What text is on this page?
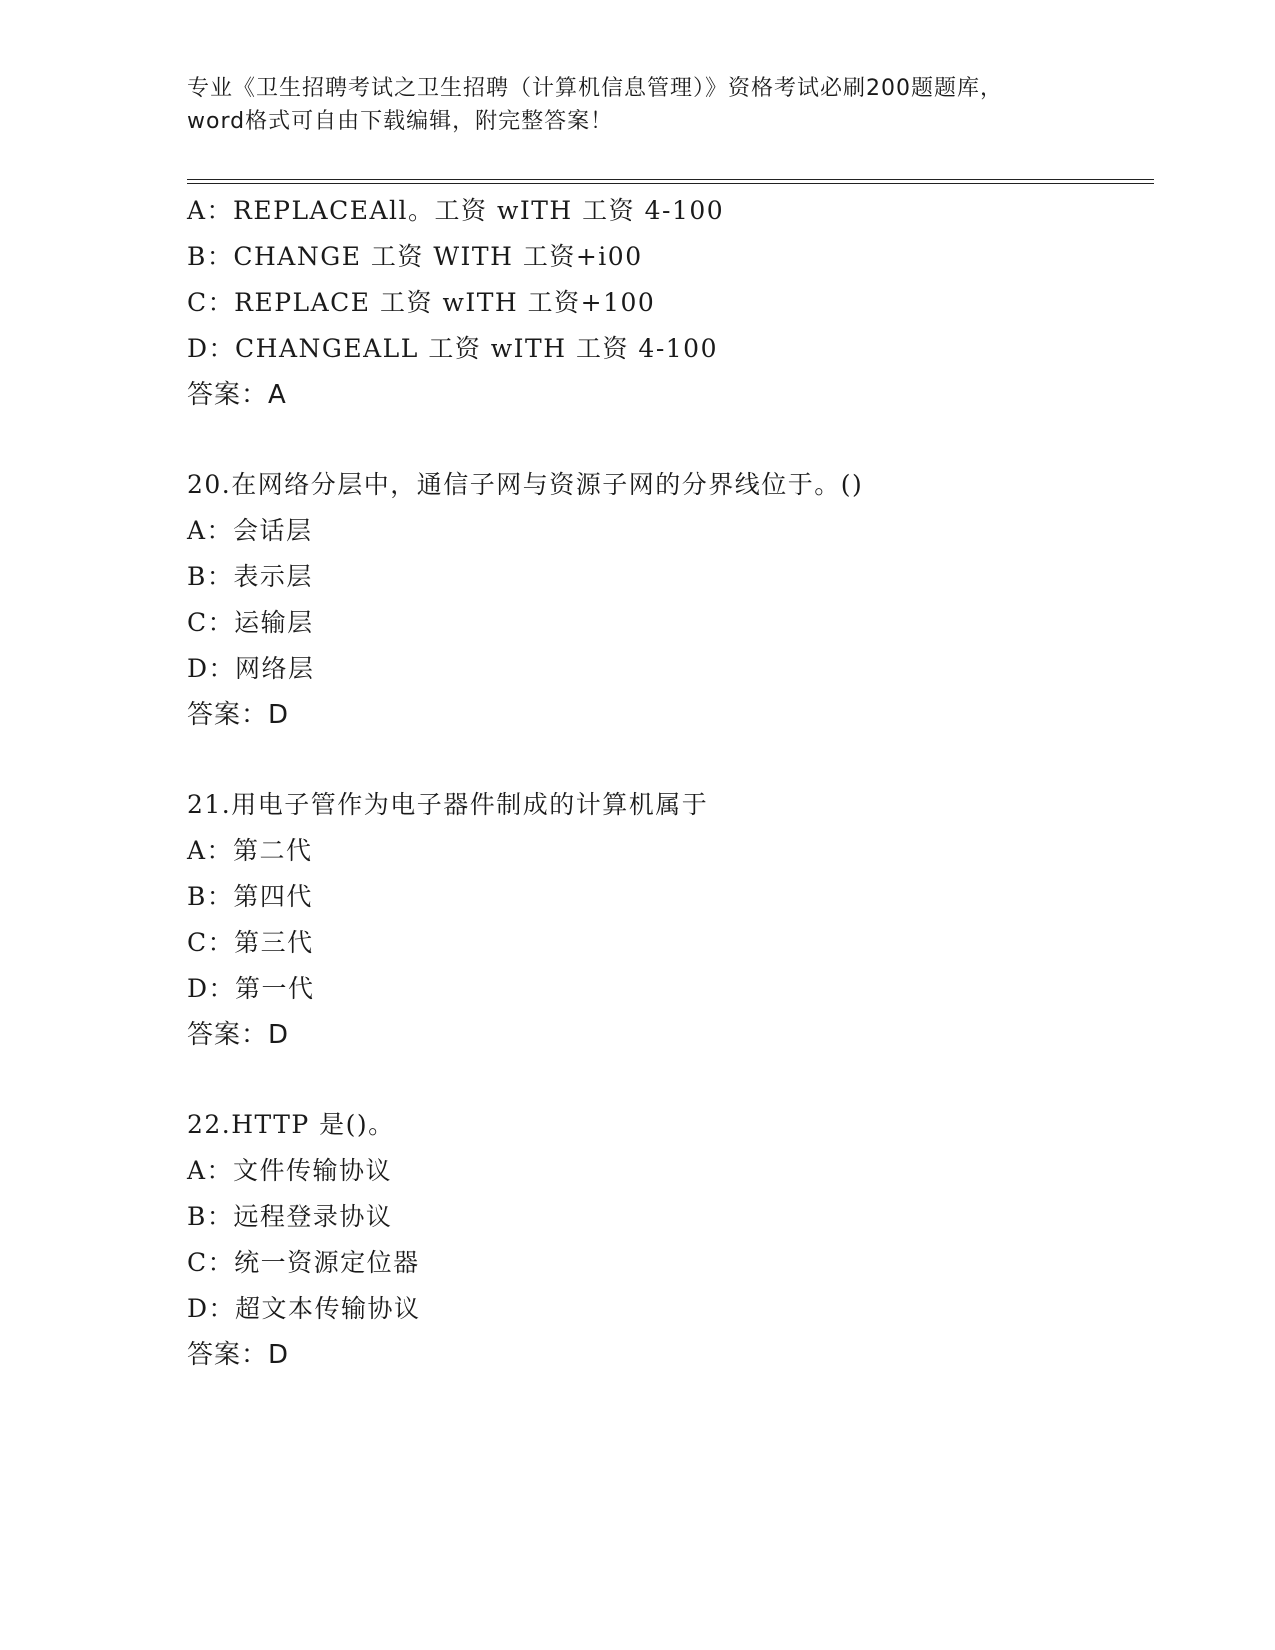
专业《卫生招聘考试之卫生招聘（计算机信息管理）》资格考试必刷200题题库，
word格式可自由下载编辑，附完整答案！
A：REPLACEAll。工资 wITH 工资 4-100
B：CHANGE 工资 WITH 工资+i00
C：REPLACE 工资 wITH 工资+100
D：CHANGEALL 工资 wITH 工资 4-100
答案：A
20.在网络分层中，通信子网与资源子网的分界线位于。()
A：会话层
B：表示层
C：运输层
D：网络层
答案：D
21.用电子管作为电子器件制成的计算机属于
A：第二代
B：第四代
C：第三代
D：第一代
答案：D
22.HTTP 是()。
A：文件传输协议
B：远程登录协议
C：统一资源定位器
D：超文本传输协议
答案：D
